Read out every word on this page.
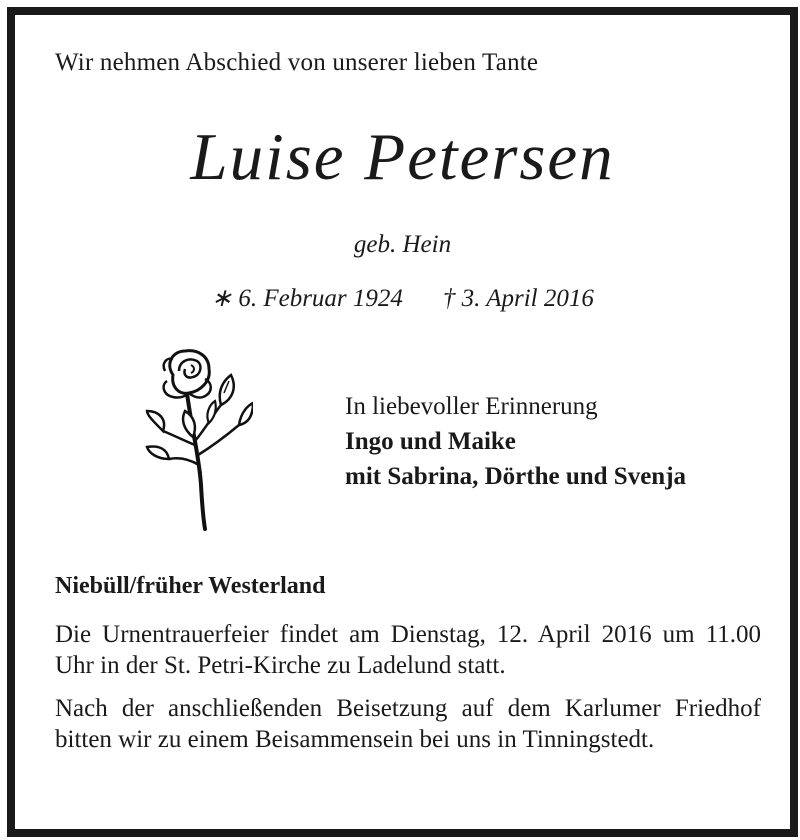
Wir nehmen Abschied von unserer lieben Tante
Luise Petersen
geb. Hein
∗ 6. Februar 1924 † 3. April 2016
In liebevoller Erinnerung
Ingo und Maike
mit Sabrina, Dörthe und Svenja
Niebüll/früher Westerland
Die Urnentrauerfeier findet am Dienstag, 12. April 2016 um 11.00 Uhr in der St. Petri-Kirche zu Ladelund statt.
Nach der anschließenden Beisetzung auf dem Karlumer Friedhof bitten wir zu einem Beisammensein bei uns in Tinningstedt.
